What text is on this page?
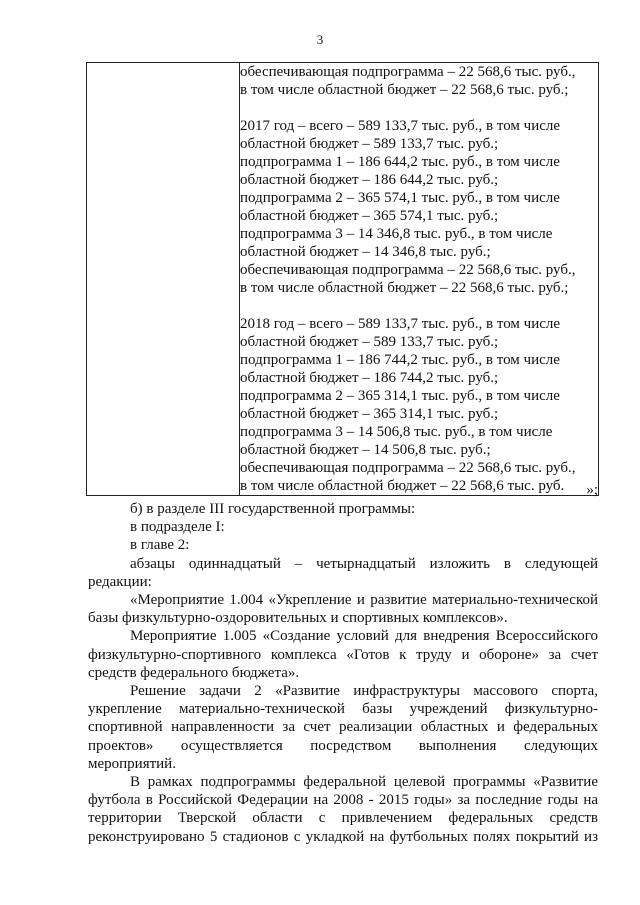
3

обеспечивающая подпрограмма – 22 568,6 тыс. руб.,
в том числе областной бюджет – 22 568,6 тыс. руб.;
2017 год – всего – 589 133,7 тыс. руб., в том числе
областной бюджет – 589 133,7 тыс. руб.;
подпрограмма 1 – 186 644,2 тыс. руб., в том числе
областной бюджет – 186 644,2 тыс. руб.;
подпрограмма 2 – 365 574,1 тыс. руб., в том числе
областной бюджет – 365 574,1 тыс. руб.;
подпрограмма 3 – 14 346,8 тыс. руб., в том числе
областной бюджет – 14 346,8 тыс. руб.;
обеспечивающая подпрограмма – 22 568,6 тыс. руб.,
в том числе областной бюджет – 22 568,6 тыс. руб.;
2018 год – всего – 589 133,7 тыс. руб., в том числе
областной бюджет – 589 133,7 тыс. руб.;
подпрограмма 1 – 186 744,2 тыс. руб., в том числе
областной бюджет – 186 744,2 тыс. руб.;
подпрограмма 2 – 365 314,1 тыс. руб., в том числе
областной бюджет – 365 314,1 тыс. руб.;
подпрограмма 3 – 14 506,8 тыс. руб., в том числе
областной бюджет – 14 506,8 тыс. руб.;
обеспечивающая подпрограмма – 22 568,6 тыс. руб.,
в том числе областной бюджет – 22 568,6 тыс. руб.	»;

б) в разделе III государственной программы:

в подразделе I:

в главе 2:

абзацы одиннадцатый – четырнадцатый изложить в следующей

редакции:

«Мероприятие 1.004 «Укрепление и развитие материально-технической

базы физкультурно-оздоровительных и спортивных комплексов».

Мероприятие 1.005 «Создание условий для внедрения Всероссийского

физкультурно-спортивного комплекса «Готов к труду и обороне» за счет

средств федерального бюджета».

Решение задачи 2 «Развитие инфраструктуры массового спорта,

укрепление материально-технической базы учреждений физкультурно-

спортивной направленности за счет реализации областных и федеральных

проектов» осуществляется посредством выполнения следующих

мероприятий.

В рамках подпрограммы федеральной целевой программы «Развитие

футбола в Российской Федерации на 2008 - 2015 годы» за последние годы на

территории Тверской области с привлечением федеральных средств

реконструировано 5 стадионов с укладкой на футбольных полях покрытий из
